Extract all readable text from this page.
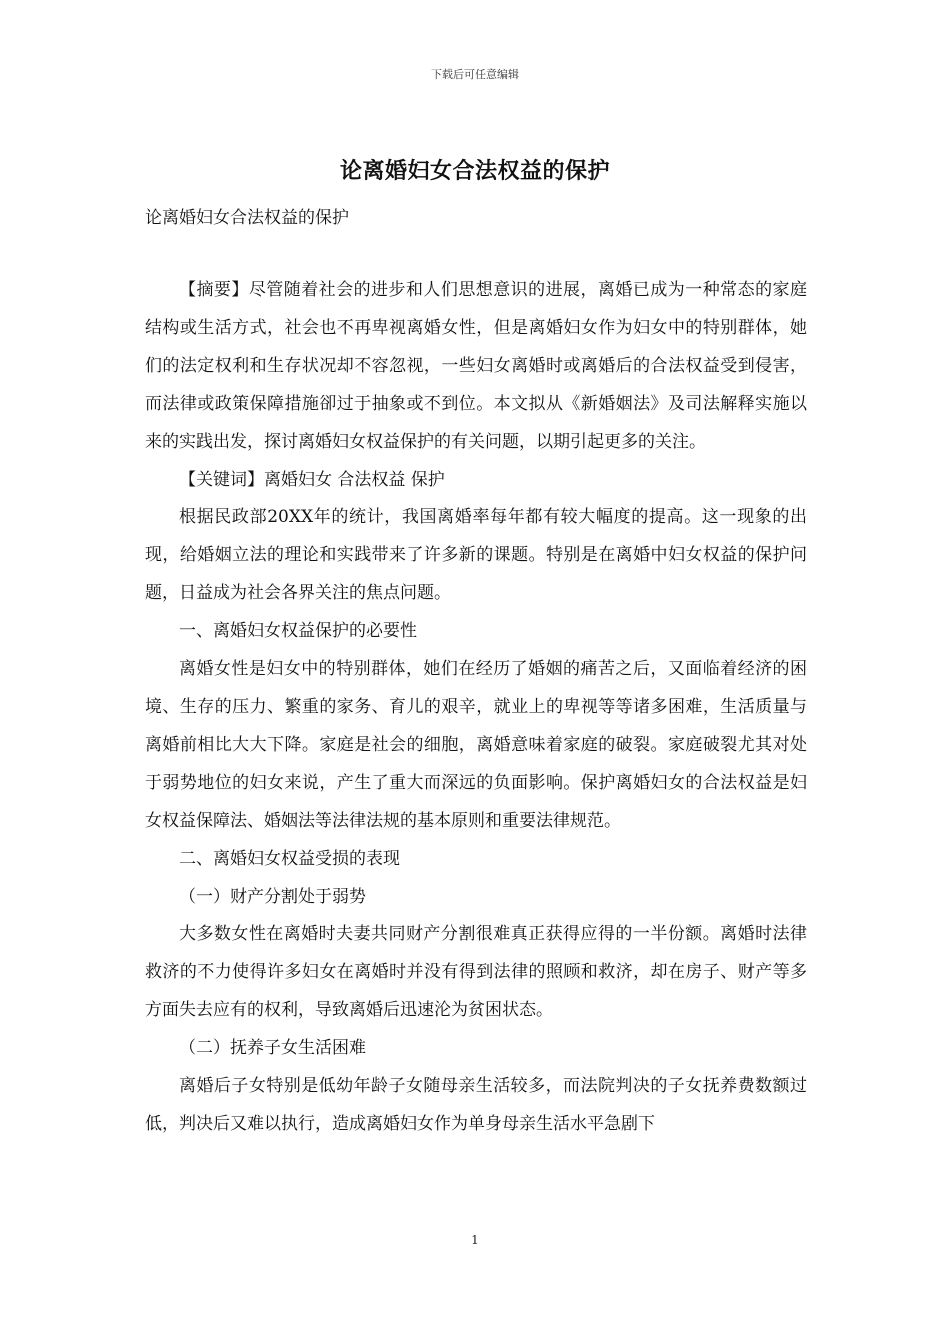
下载后可任意编辑
论离婚妇女合法权益的保护
论离婚妇女合法权益的保护

【摘要】尽管随着社会的进步和人们思想意识的进展，离婚已成为一种常态的家庭结构或生活方式，社会也不再卑视离婚女性，但是离婚妇女作为妇女中的特别群体，她们的法定权利和生存状况却不容忽视，一些妇女离婚时或离婚后的合法权益受到侵害，而法律或政策保障措施卻过于抽象或不到位。本文拟从《新婚姻法》及司法解释实施以来的实践出发，探讨离婚妇女权益保护的有关问题，以期引起更多的关注。

【关键词】离婚妇女 合法权益 保护

根据民政部20XX年的统计，我国离婚率每年都有较大幅度的提高。这一现象的出现，给婚姻立法的理论和实践带来了许多新的课题。特别是在离婚中妇女权益的保护问题，日益成为社会各界关注的焦点问题。

一、离婚妇女权益保护的必要性

离婚女性是妇女中的特别群体，她们在经历了婚姻的痛苦之后，又面临着经济的困境、生存的压力、繁重的家务、育儿的艰辛，就业上的卑视等等诸多困难，生活质量与离婚前相比大大下降。家庭是社会的细胞，离婚意味着家庭的破裂。家庭破裂尤其对处于弱势地位的妇女来说，产生了重大而深远的负面影响。保护离婚妇女的合法权益是妇女权益保障法、婚姻法等法律法规的基本原则和重要法律规范。

二、离婚妇女权益受损的表现

（一）财产分割处于弱势

大多数女性在离婚时夫妻共同财产分割很难真正获得应得的一半份额。离婚时法律救济的不力使得许多妇女在离婚时并没有得到法律的照顾和救济，却在房子、财产等多方面失去应有的权利，导致离婚后迅速沦为贫困状态。

（二）抚养子女生活困难

离婚后子女特别是低幼年龄子女随母亲生活较多，而法院判决的子女抚养费数额过低，判决后又难以执行，造成离婚妇女作为单身母亲生活水平急剧下

1
